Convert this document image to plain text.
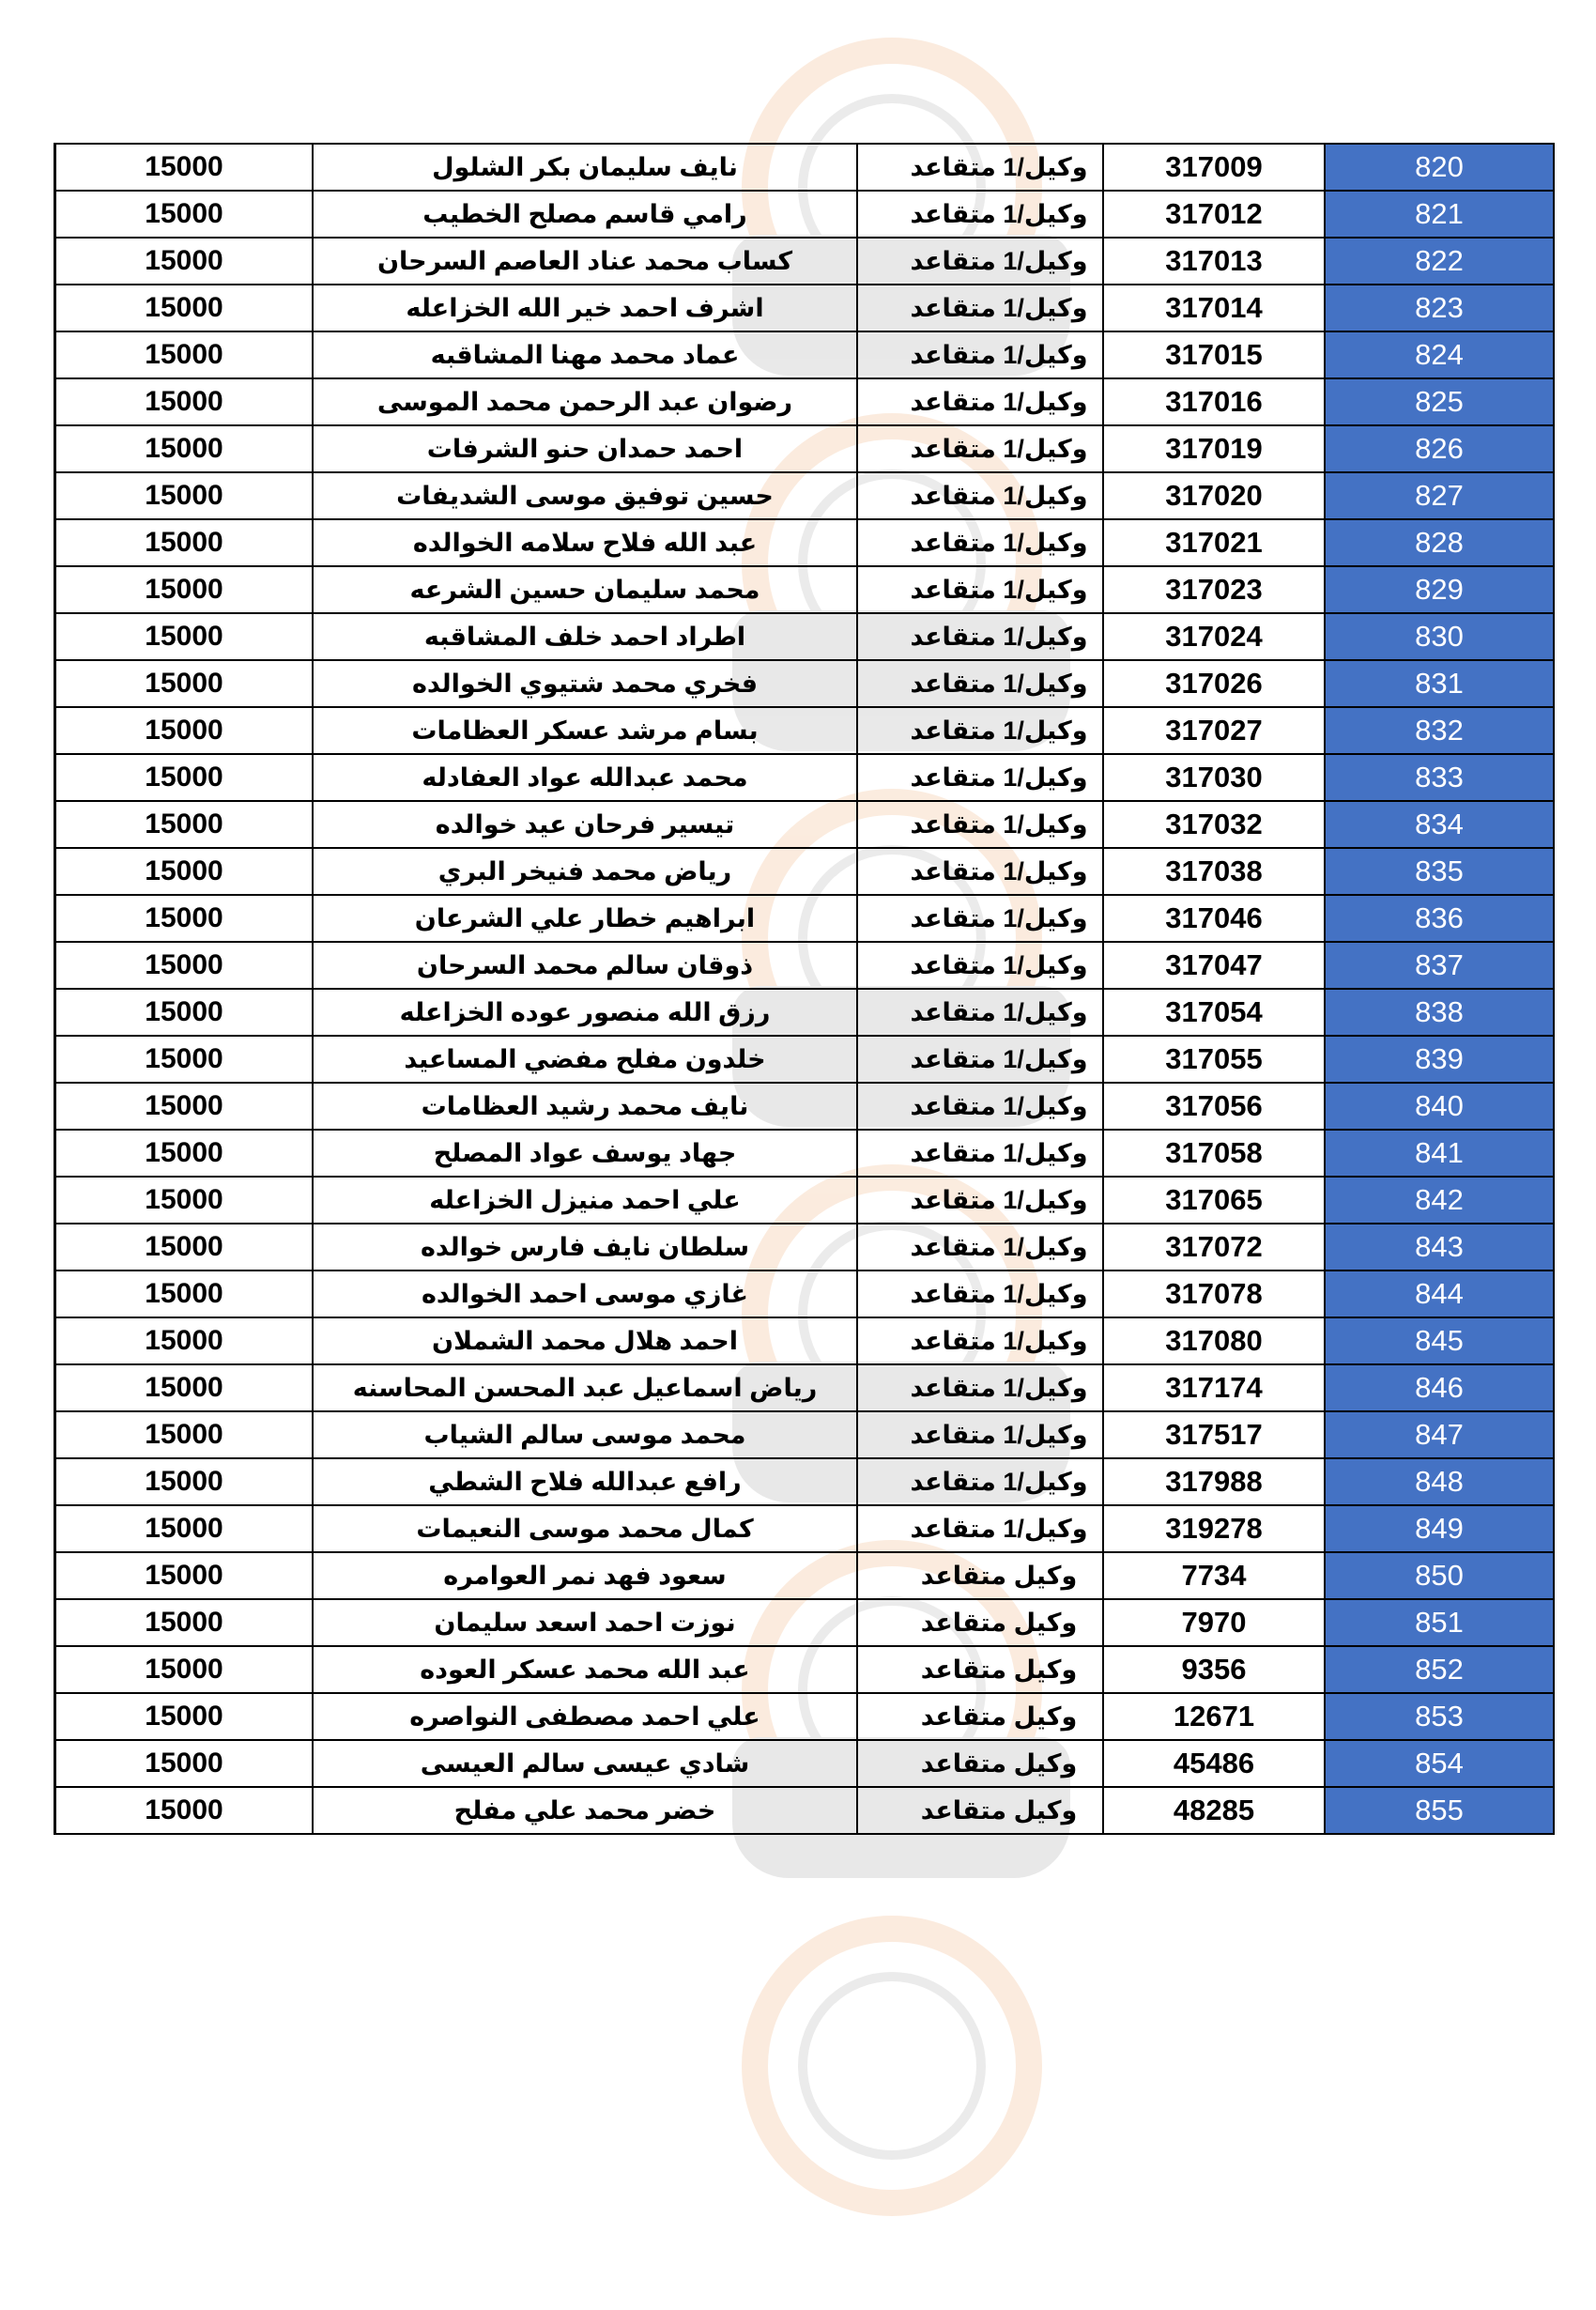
15000	نايف سليمان بكر الشلول	وكيل/1 متقاعد	317009	820
15000	رامي قاسم مصلح الخطيب	وكيل/1 متقاعد	317012	821
15000	كساب محمد عناد العاصم السرحان	وكيل/1 متقاعد	317013	822
15000	اشرف احمد خير الله الخزاعله	وكيل/1 متقاعد	317014	823
15000	عماد محمد مهنا المشاقبه	وكيل/1 متقاعد	317015	824
15000	رضوان عبد الرحمن محمد الموسى	وكيل/1 متقاعد	317016	825
15000	احمد حمدان حنو الشرفات	وكيل/1 متقاعد	317019	826
15000	حسين توفيق موسى الشديفات	وكيل/1 متقاعد	317020	827
15000	عبد الله فلاح سلامه الخوالده	وكيل/1 متقاعد	317021	828
15000	محمد سليمان حسين الشرعه	وكيل/1 متقاعد	317023	829
15000	اطراد احمد خلف المشاقبه	وكيل/1 متقاعد	317024	830
15000	فخري محمد شتيوي الخوالده	وكيل/1 متقاعد	317026	831
15000	بسام مرشد عسكر العظامات	وكيل/1 متقاعد	317027	832
15000	محمد عبدالله عواد العفادله	وكيل/1 متقاعد	317030	833
15000	تيسير فرحان عيد خوالده	وكيل/1 متقاعد	317032	834
15000	رياض محمد فنيخر البري	وكيل/1 متقاعد	317038	835
15000	ابراهيم خطار علي الشرعان	وكيل/1 متقاعد	317046	836
15000	ذوقان سالم محمد السرحان	وكيل/1 متقاعد	317047	837
15000	رزق الله منصور عوده الخزاعله	وكيل/1 متقاعد	317054	838
15000	خلدون مفلح مفضي المساعيد	وكيل/1 متقاعد	317055	839
15000	نايف محمد رشيد العظامات	وكيل/1 متقاعد	317056	840
15000	جهاد يوسف عواد المصلح	وكيل/1 متقاعد	317058	841
15000	علي احمد منيزل الخزاعله	وكيل/1 متقاعد	317065	842
15000	سلطان نايف فارس خوالده	وكيل/1 متقاعد	317072	843
15000	غازي موسى احمد الخوالده	وكيل/1 متقاعد	317078	844
15000	احمد هلال محمد الشملان	وكيل/1 متقاعد	317080	845
15000	رياض اسماعيل عبد المحسن المحاسنه	وكيل/1 متقاعد	317174	846
15000	محمد موسى سالم الشياب	وكيل/1 متقاعد	317517	847
15000	رافع عبدالله فلاح الشطي	وكيل/1 متقاعد	317988	848
15000	كمال محمد موسى النعيمات	وكيل/1 متقاعد	319278	849
15000	سعود فهد نمر العوامره	وكيل متقاعد	7734	850
15000	نوزت احمد اسعد سليمان	وكيل متقاعد	7970	851
15000	عبد الله محمد عسكر العوده	وكيل متقاعد	9356	852
15000	علي احمد مصطفى النواصره	وكيل متقاعد	12671	853
15000	شادي عيسى سالم العيسى	وكيل متقاعد	45486	854
15000	خضر محمد علي مفلح	وكيل متقاعد	48285	855
